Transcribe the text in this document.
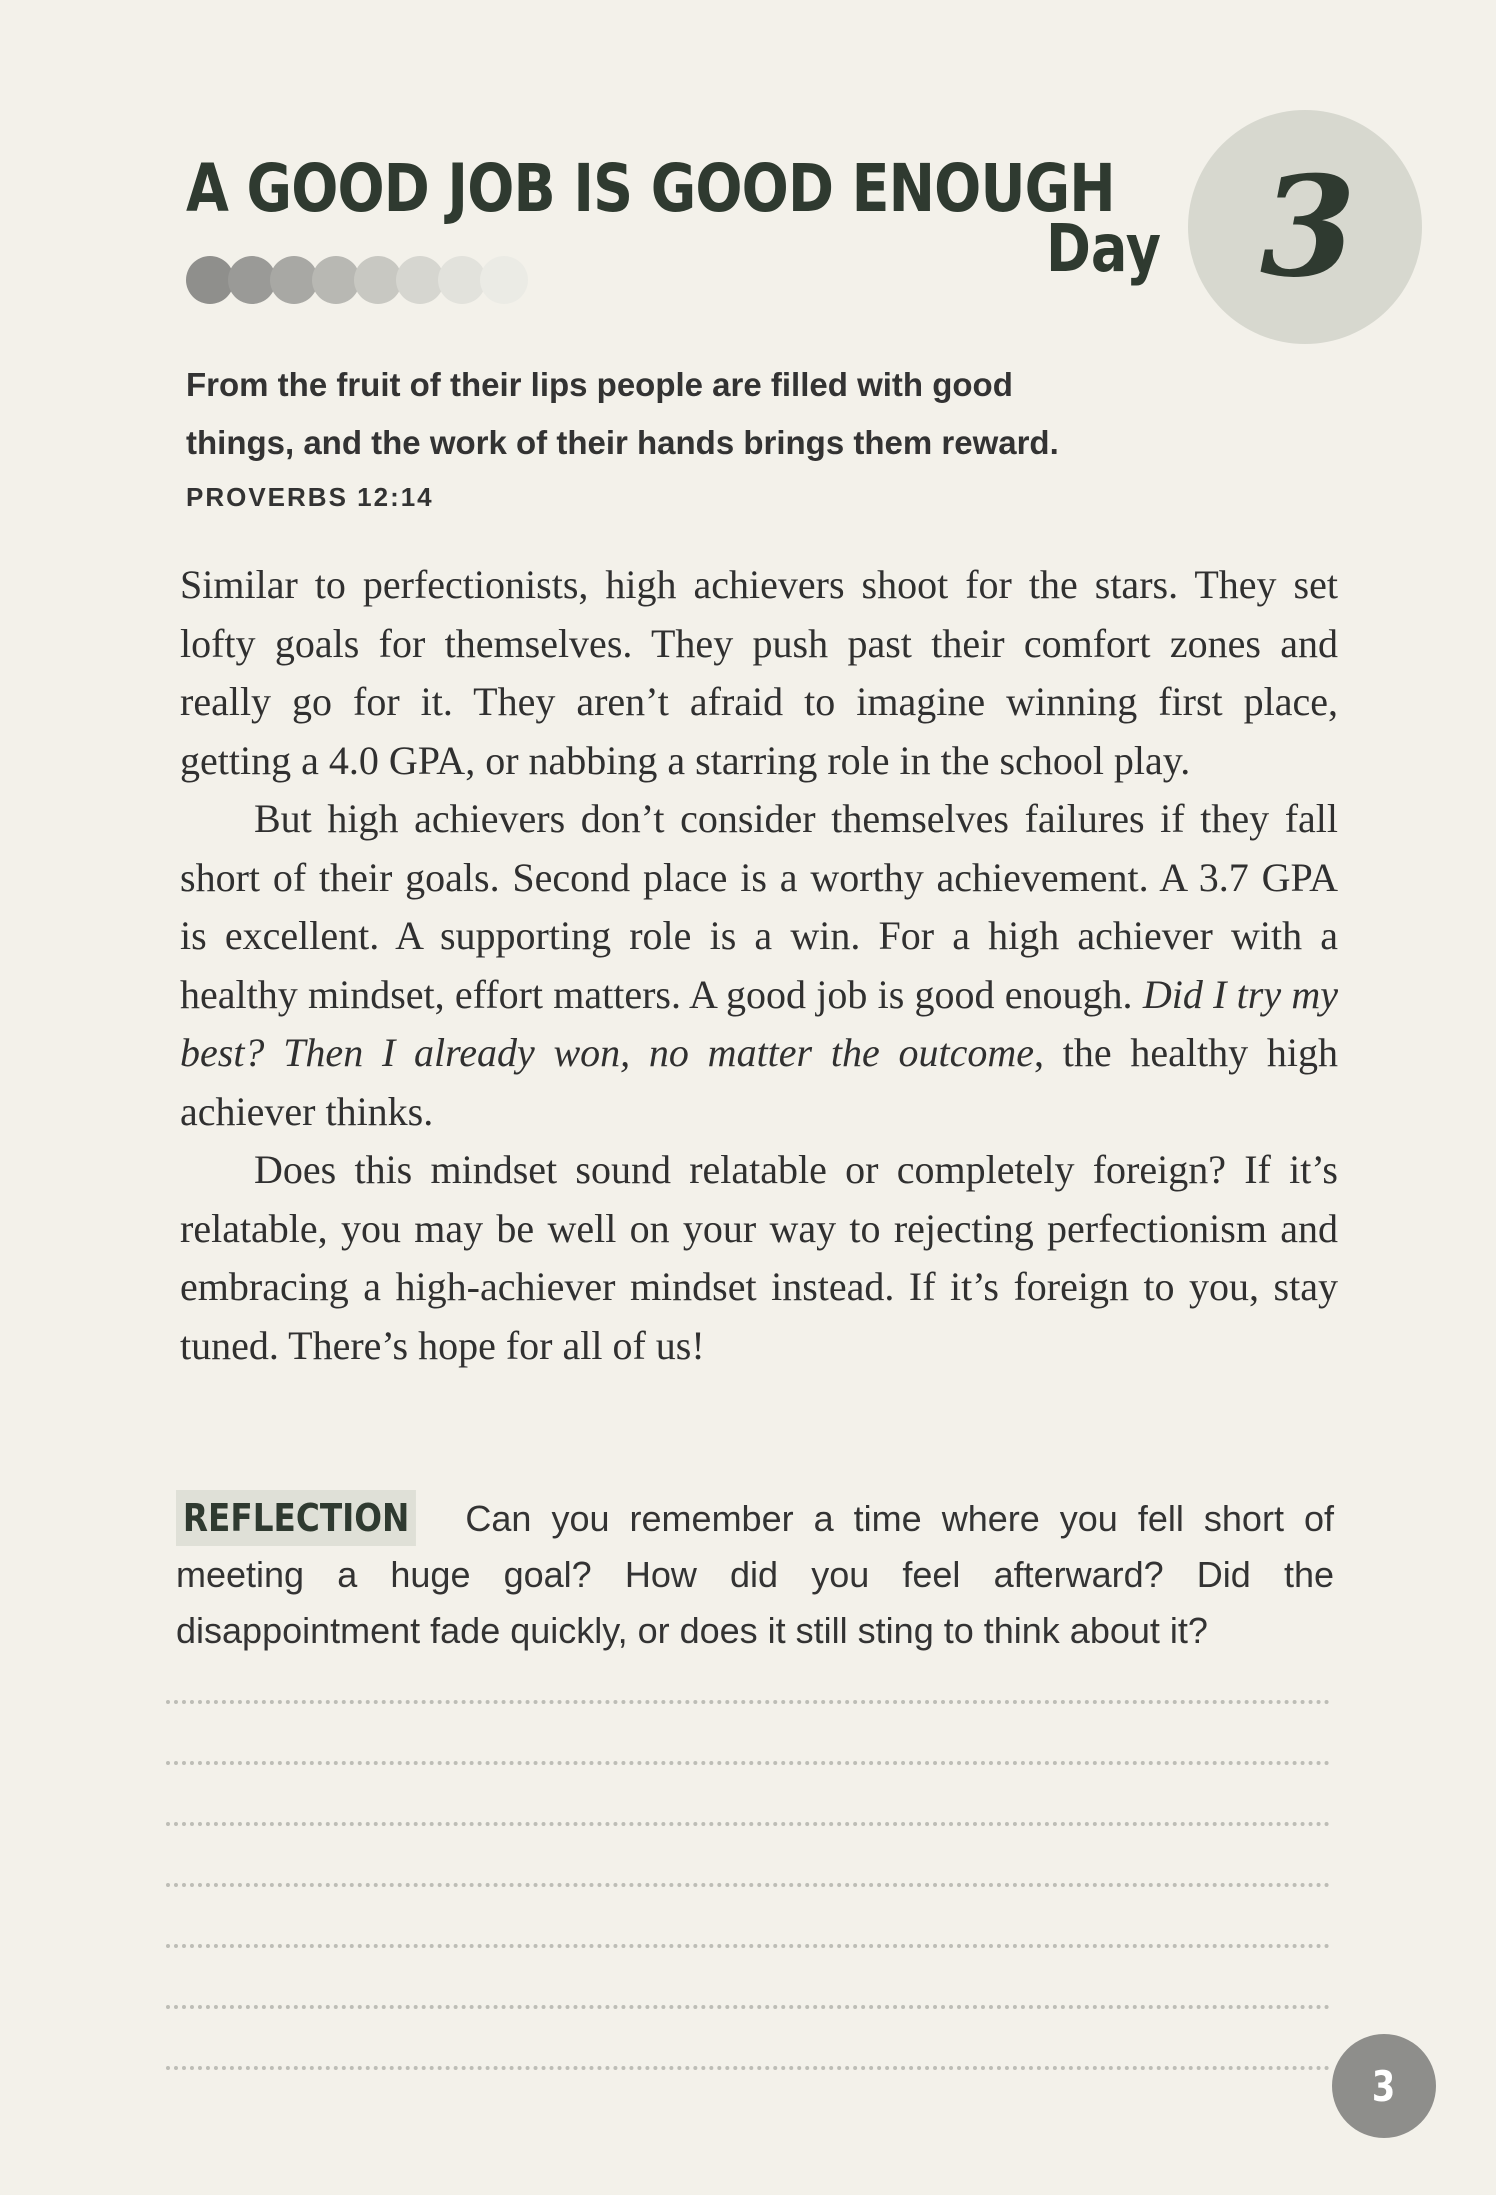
A GOOD JOB IS GOOD ENOUGH
Day 3

From the fruit of their lips people are filled with good things, and the work of their hands brings them reward.

PROVERBS 12:14

Similar to perfectionists, high achievers shoot for the stars. They set lofty goals for themselves. They push past their comfort zones and really go for it. They aren’t afraid to imagine winning first place, getting a 4.0 GPA, or nabbing a starring role in the school play.

But high achievers don’t consider themselves failures if they fall short of their goals. Second place is a worthy achievement. A 3.7 GPA is excellent. A supporting role is a win. For a high achiever with a healthy mindset, effort matters. A good job is good enough. Did I try my best? Then I already won, no matter the outcome, the healthy high achiever thinks.

Does this mindset sound relatable or completely foreign? If it’s relatable, you may be well on your way to rejecting perfectionism and embracing a high-achiever mindset instead. If it’s foreign to you, stay tuned. There’s hope for all of us!

REFLECTION Can you remember a time where you fell short of meeting a huge goal? How did you feel afterward? Did the disappointment fade quickly, or does it still sting to think about it?

3
